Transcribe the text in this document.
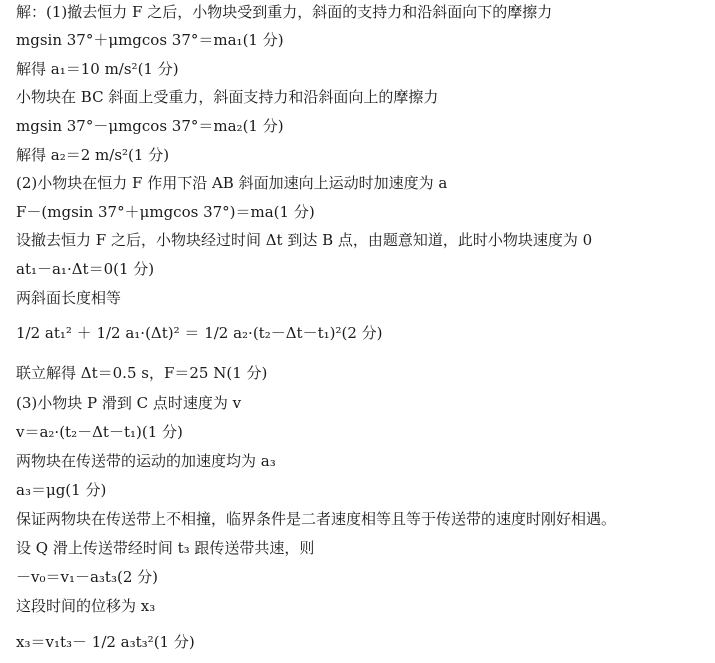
解：(1)撤去恒力 F 之后，小物块受到重力，斜面的支持力和沿斜面向下的摩擦力
mgsin 37°＋μmgcos 37°＝ma₁(1 分)
解得 a₁＝10 m/s²(1 分)
小物块在 BC 斜面上受重力，斜面支持力和沿斜面向上的摩擦力
mgsin 37°－μmgcos 37°＝ma₂(1 分)
解得 a₂＝2 m/s²(1 分)
(2)小物块在恒力 F 作用下沿 AB 斜面加速向上运动时加速度为 a
F－(mgsin 37°＋μmgcos 37°)＝ma(1 分)
设撤去恒力 F 之后，小物块经过时间 Δt 到达 B 点，由题意知道，此时小物块速度为 0
at₁－a₁·Δt＝0(1 分)
两斜面长度相等
1/2 at₁² ＋ 1/2 a₁·(Δt)² ＝ 1/2 a₂·(t₂－Δt－t₁)²(2 分)
联立解得 Δt＝0.5 s，F＝25 N(1 分)
(3)小物块 P 滑到 C 点时速度为 v
v＝a₂·(t₂－Δt－t₁)(1 分)
两物块在传送带的运动的加速度均为 a₃
a₃＝μg(1 分)
保证两物块在传送带上不相撞，临界条件是二者速度相等且等于传送带的速度时刚好相遇。
设 Q 滑上传送带经时间 t₃ 跟传送带共速，则
－v₀＝v₁－a₃t₃(2 分)
这段时间的位移为 x₃
x₃＝v₁t₃－ 1/2 a₃t₃²(1 分)
